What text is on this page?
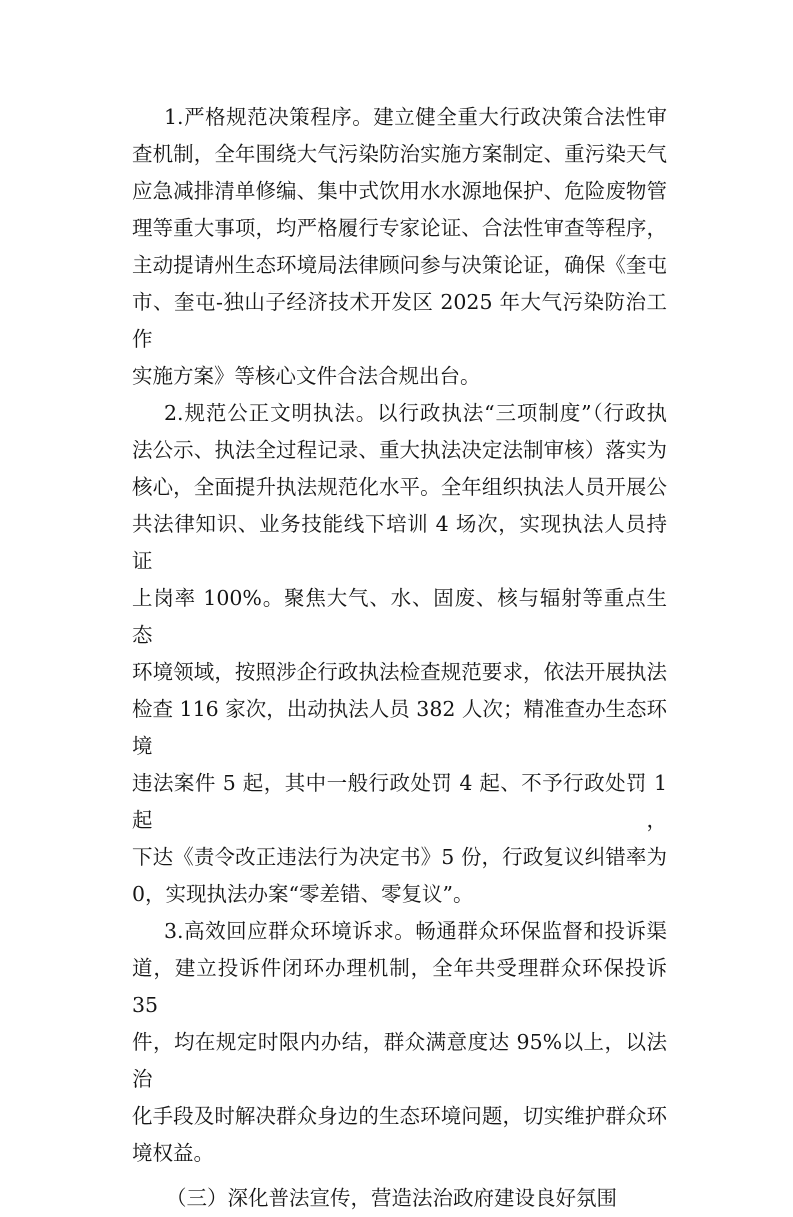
1.严格规范决策程序。建立健全重大行政决策合法性审
查机制，全年围绕大气污染防治实施方案制定、重污染天气
应急减排清单修编、集中式饮用水水源地保护、危险废物管
理等重大事项，均严格履行专家论证、合法性审查等程序，
主动提请州生态环境局法律顾问参与决策论证，确保《奎屯
市、奎屯-独山子经济技术开发区 2025 年大气污染防治工作
实施方案》等核心文件合法合规出台。
2.规范公正文明执法。以行政执法“三项制度”（行政执
法公示、执法全过程记录、重大执法决定法制审核）落实为
核心，全面提升执法规范化水平。全年组织执法人员开展公
共法律知识、业务技能线下培训 4 场次，实现执法人员持证
上岗率 100%。聚焦大气、水、固废、核与辐射等重点生态
环境领域，按照涉企行政执法检查规范要求，依法开展执法
检查 116 家次，出动执法人员 382 人次；精准查办生态环境
违法案件 5 起，其中一般行政处罚 4 起、不予行政处罚 1 起，
下达《责令改正违法行为决定书》5 份，行政复议纠错率为
0，实现执法办案“零差错、零复议”。
3.高效回应群众环境诉求。畅通群众环保监督和投诉渠
道，建立投诉件闭环办理机制，全年共受理群众环保投诉 35
件，均在规定时限内办结，群众满意度达 95%以上，以法治
化手段及时解决群众身边的生态环境问题，切实维护群众环
境权益。
（三）深化普法宣传，营造法治政府建设良好氛围
